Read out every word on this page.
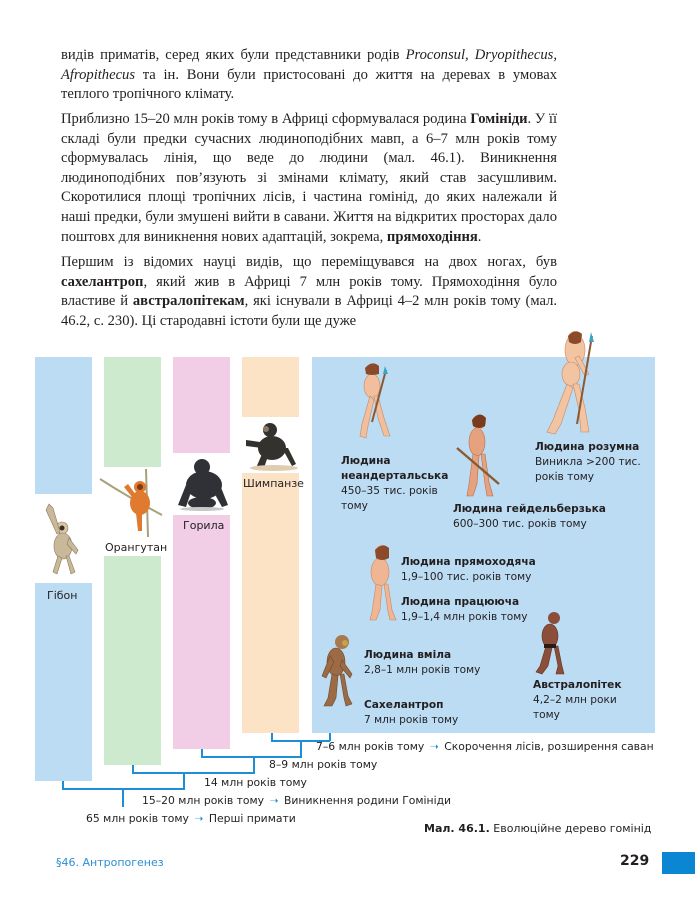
видів приматів, серед яких були представники родів Proconsul, Dryopithecus, Afropithecus та ін. Вони були пристосовані до життя на деревах в умовах теплого тропічного клімату.

Приблизно 15–20 млн років тому в Африці сформувалася родина Гомініди. У її складі були предки сучасних людиноподібних мавп, а 6–7 млн років тому сформувалась лінія, що веде до людини (мал. 46.1). Виникнення людиноподібних пов’язують зі змінами клімату, який став засушливим. Скоротилися площі тропічних лісів, і частина гомінід, до яких належали й наші предки, були змушені вийти в савани. Життя на відкритих просторах дало поштовх для виникнення нових адаптацій, зокрема, прямоходіння.

Першим із відомих науці видів, що переміщувався на двох ногах, був сахелантроп, який жив в Африці 7 млн років тому. Прямоходіння було властиве й австралопітекам, які існували в Африці 4–2 млн років тому (мал. 46.2, с. 230). Ці стародавні істоти були ще дуже

Гібон
Орангутан
Горила
Шимпанзе
Людина розумна
Виникла >200 тис. років тому
Людина неандертальська
450–35 тис. років тому	Людина гейдельберзька
600–300 тис. років тому
Людина прямоходяча
1,9–100 тис. років тому
Людина працююча
1,9–1,4 млн років тому
Людина вміла
2,8–1 млн років тому
Сахелантроп
7 млн років тому
Австралопітек
4,2–2 млн роки тому
7–6 млн років тому ➝ Скорочення лісів, розширення саван
8–9 млн років тому
14 млн років тому
15–20 млн років тому ➝ Виникнення родини Гомініди
65 млн років тому ➝ Перші примати
Мал. 46.1. Еволюційне дерево гомінід
§46. Антропогенез	229
